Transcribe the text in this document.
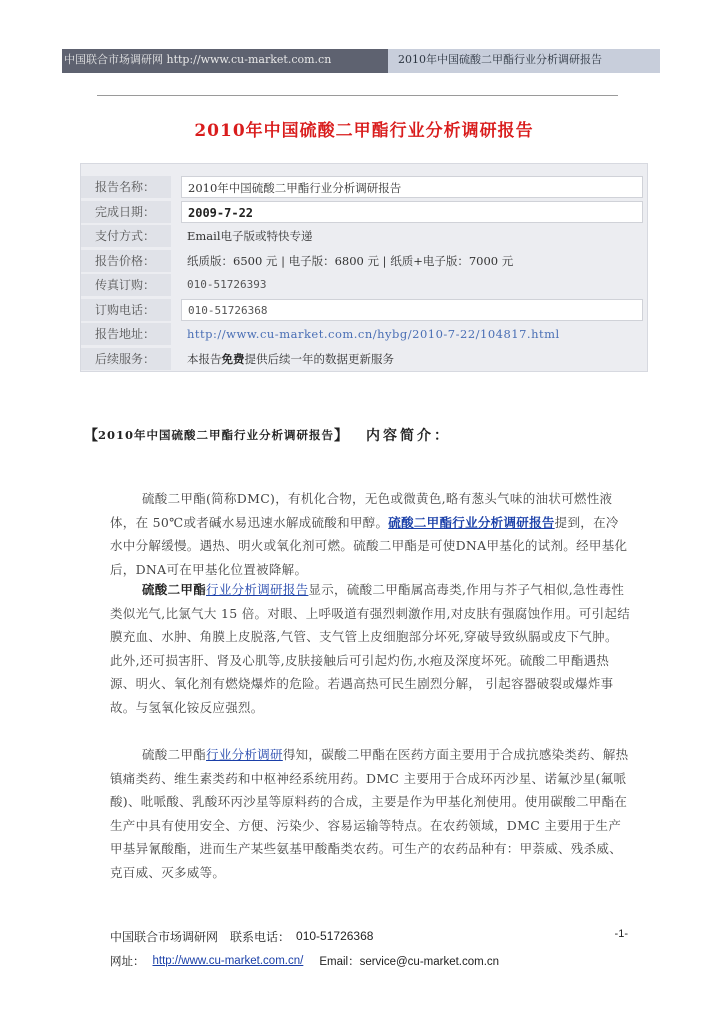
中国联合市场调研网 http://www.cu-market.com.cn	2010年中国硫酸二甲酯行业分析调研报告
2010年中国硫酸二甲酯行业分析调研报告
报告名称：	2010年中国硫酸二甲酯行业分析调研报告
完成日期：	2009-7-22
支付方式：	Email电子版或特快专递
报告价格：	纸质版：6500 元 | 电子版：6800 元 | 纸质+电子版：7000 元
传真订购：	010-51726393
订购电话：	010-51726368
报告地址：	http://www.cu-market.com.cn/hybg/2010-7-22/104817.html
后续服务：	本报告免费提供后续一年的数据更新服务
【 2010年中国硫酸二甲酯行业分析调研报告 】 内容简介：
硫酸二甲酯(简称DMC)，有机化合物，无色或微黄色,略有葱头气味的油状可燃性液体，在 50℃或者碱水易迅速水解成硫酸和甲醇。硫酸二甲酯行业分析调研报告提到，在冷水中分解缓慢。遇热、明火或氧化剂可燃。硫酸二甲酯是可使DNA甲基化的试剂。经甲基化后，DNA可在甲基化位置被降解。
硫酸二甲酯行业分析调研报告显示，硫酸二甲酯属高毒类,作用与芥子气相似,急性毒性类似光气,比氯气大 15 倍。对眼、上呼吸道有强烈刺激作用,对皮肤有强腐蚀作用。可引起结膜充血、水肿、角膜上皮脱落,气管、支气管上皮细胞部分坏死,穿破导致纵膈或皮下气肿。此外,还可损害肝、肾及心肌等,皮肤接触后可引起灼伤,水疱及深度坏死。硫酸二甲酯遇热源、明火、氧化剂有燃烧爆炸的危险。若遇高热可民生剧烈分解， 引起容器破裂或爆炸事故。与氢氧化铵反应强烈。
硫酸二甲酯行业分析调研得知，碳酸二甲酯在医药方面主要用于合成抗感染类药、解热镇痛类药、维生素类药和中枢神经系统用药。DMC 主要用于合成环丙沙星、诺氟沙星(氟哌酸)、吡哌酸、乳酸环丙沙星等原料药的合成，主要是作为甲基化剂使用。使用碳酸二甲酯在生产中具有使用安全、方便、污染少、容易运输等特点。在农药领域，DMC 主要用于生产甲基异氰酸酯，进而生产某些氨基甲酸酯类农药。可生产的农药品种有：甲萘威、残杀威、克百威、灭多威等。
中国联合市场调研网 联系电话： 010-51726368	-1-
网址： http://www.cu-market.com.cn/ Email：service@cu-market.com.cn
